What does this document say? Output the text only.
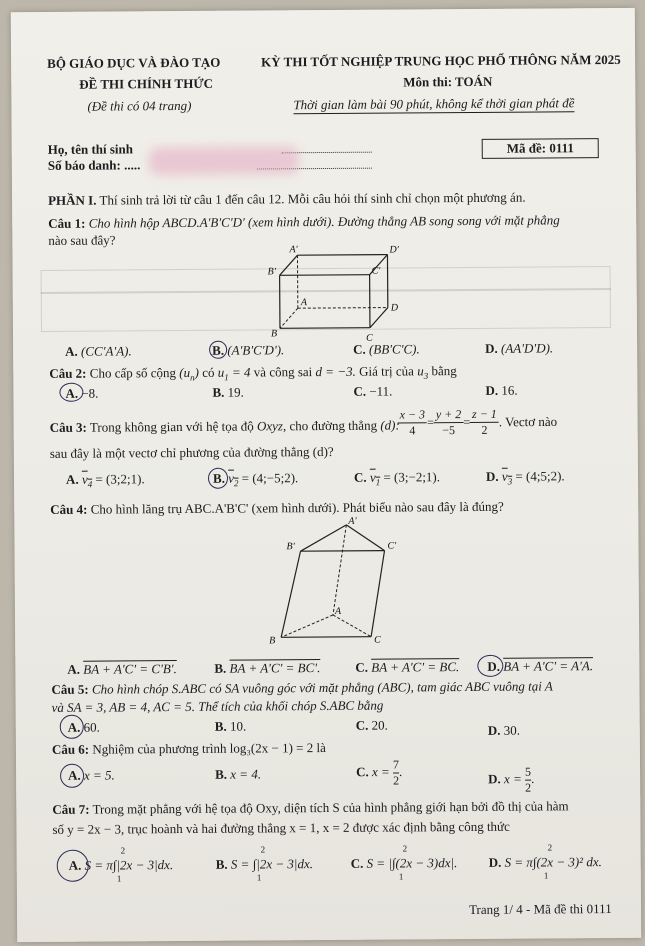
BỘ GIÁO DỤC VÀ ĐÀO TẠO	KỲ THI TỐT NGHIỆP TRUNG HỌC PHỔ THÔNG NĂM 2025
ĐỀ THI CHÍNH THỨC	Môn thi: TOÁN
(Đề thi có 04 trang)	Thời gian làm bài 90 phút, không kể thời gian phát đề
Họ, tên thí sinh
Số báo danh: .....
Mã đề: 0111
PHẦN I. Thí sinh trả lời từ câu 1 đến câu 12. Mỗi câu hỏi thí sinh chỉ chọn một phương án.
Câu 1: Cho hình hộp ABCD.A'B'C'D' (xem hình dưới). Đường thẳng AB song song với mặt phẳng
nào sau đây?
A'	D'
B'	C'
A	D
B	C
A. (CC'A'A).	B. (A'B'C'D').	C. (BB'C'C).	D. (AA'D'D).
Câu 2: Cho cấp số cộng $(u_n)$ có $u_1 = 4$ và công sai d = −3. Giá trị của $u_3$ bằng
A. −8.	B. 19.	C. −11.	D. 16.
Câu 3: Trong không gian với hệ tọa độ Oxyz, cho đường thẳng (d):
$\frac{x - 3}{4} = \frac{y + 2}{-5} = \frac{z - 1}{2}$ . Vectơ nào
sau đây là một vectơ chỉ phương của đường thẳng (d)?
A. $v_4$ = (3;2;1).	B. $v_2$ = (4;−5;2).	C. $v_1$ = (3;−2;1).	D. $v_3$ = (4;5;2).
Câu 4: Cho hình lăng trụ ABC.A'B'C' (xem hình dưới). Phát biểu nào sau đây là đúng?
A'
B'	C'
A
B	C
A. BA + A'C' = C'B'.	B. BA + A'C' = BC'.	C. BA + A'C' = BC. D. BA + A'C' = A'A.
Câu 5: Cho hình chóp S.ABC có SA vuông góc với mặt phẳng (ABC), tam giác ABC vuông tại A
và SA = 3, AB = 4, AC = 5. Thể tích của khối chóp S.ABC bằng
A. 60.	B. 10.	C. 20.	D. 30.
Câu 6: Nghiệm của phương trình log₃(2x − 1) = 2 là
A. x = 5.	B. x = 4.	C. $x = \frac{7}{2}$ .	D. $x = \frac{5}{2}$ .
Câu 7: Trong mặt phẳng với hệ tọa độ Oxy, diện tích S của hình phẳng giới hạn bởi đồ thị của hàm
số y = 2x − 3, trục hoành và hai đường thẳng x = 1, x = 2 được xác định bằng công thức
A. S = π∫|2x − 3|dx.	B. S = ∫|2x − 3|dx.	C. S = |∫(2x − 3)dx|. D. S = π∫(2x − 3)² dx.
2
1
2
1
2
1
2
1
Trang 1/ 4 - Mã đề thi 0111
